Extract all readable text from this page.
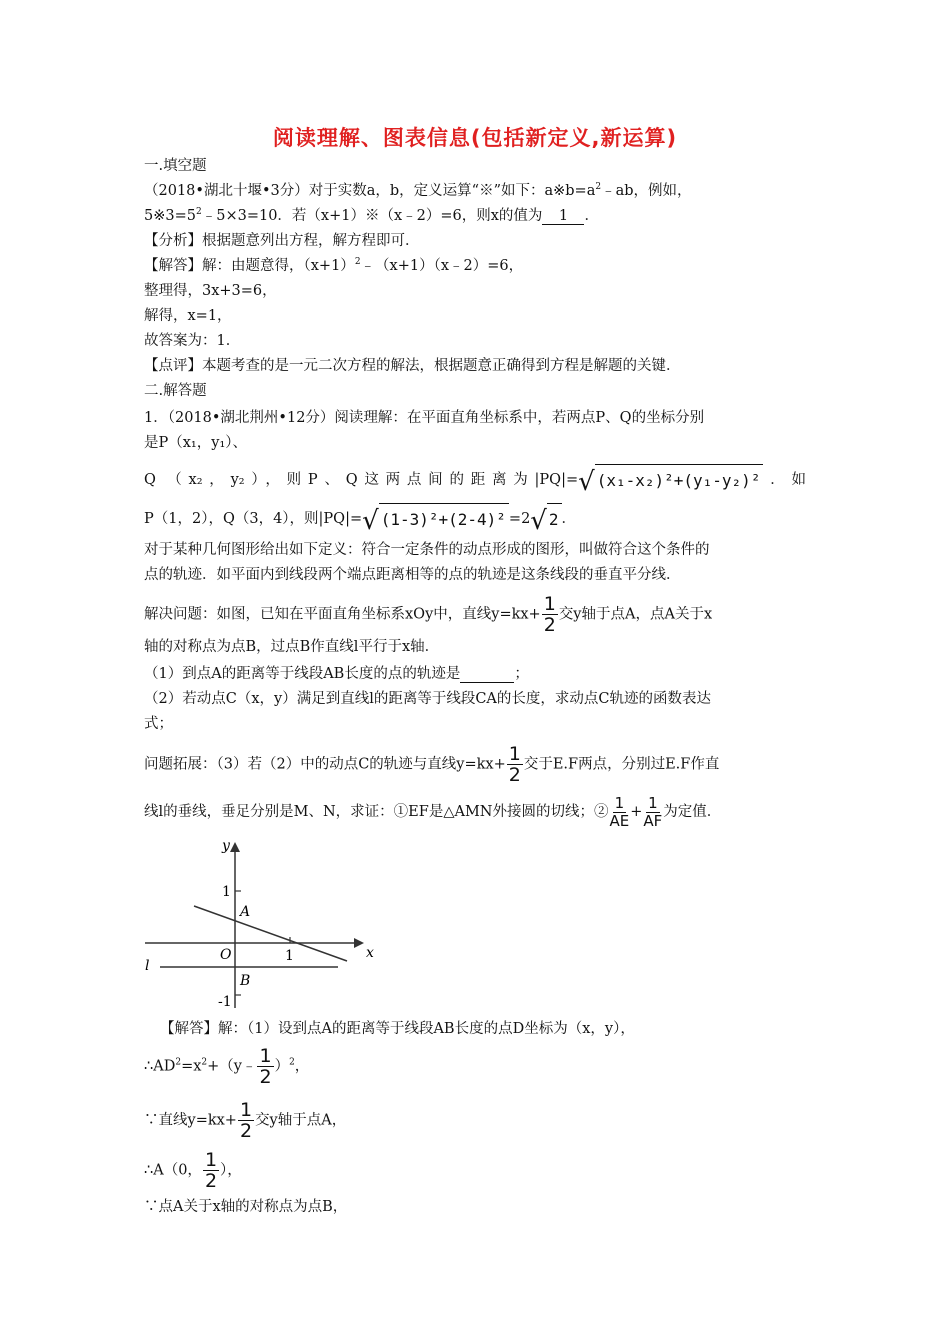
阅读理解、图表信息(包括新定义,新运算)
一.填空题
（2018•湖北十堰•3分）对于实数a，b，定义运算“※”如下：$a※b=a^2﹣ab$，例如，
$5※3=5^2﹣5\times 3=10$．若（x+1）※（x﹣2）=6，则x的值为 1 ．
【分析】根据题意列出方程，解方程即可．
【解答】解：由题意得，$(x+1)^2﹣(x+1)(x﹣2)=6$，
整理得，3x+3=6，
解得，x=1，
故答案为：1．
【点评】本题考查的是一元二次方程的解法，根据题意正确得到方程是解题的关键．
二.解答题
1．（2018•湖北荆州•12分）阅读理解：在平面直角坐标系中，若两点P、Q的坐标分别
是P（x₁，y₁）、
Q （x₂，y₂），则P、Q这两点间的距离为|PQ|=√ (x₁-x₂)²+(y₁-y₂)² ．如
P（1，2），Q（3，4），则|PQ|=√ (1-3)²+(2-4)² =2√ 2 ．
对于某种几何图形给出如下定义：符合一定条件的动点形成的图形，叫做符合这个条件的
点的轨迹．如平面内到线段两个端点距离相等的点的轨迹是这条线段的垂直平分线．
解决问题：如图，已知在平面直角坐标系xOy中，直线$y=kx+ \frac{1}{2}$ 交y轴于点A，点A关于x
轴的对称点为点B，过点B作直线l平行于x轴．
（1）到点A的距离等于线段AB长度的点的轨迹是	；
（2）若动点C（x，y）满足到直线l的距离等于线段CA的长度，求动点C轨迹的函数表达
式；
问题拓展：（3）若（2）中的动点C的轨迹与直线$y=kx+ \frac{1}{2}$ 交于E.F两点，分别过E.F作直
线l的垂线，垂足分别是M、N，求证：①EF是△AMN外接圆的切线；② $\frac{1}{AE} + \frac{1}{AF}$ 为定值．
y
x
1
-1
1
O
A
B
l
【解答】解：（1）设到点A的距离等于线段AB长度的点D坐标为（x，y），
$\therefore AD^2=x^2+(y﹣ \frac{1}{2} )^2$，
∵直线$y=kx+ \frac{1}{2}$ 交y轴于点A，
∴A（0， $\frac{1}{2}$ ），
∵点A关于x轴的对称点为点B，
